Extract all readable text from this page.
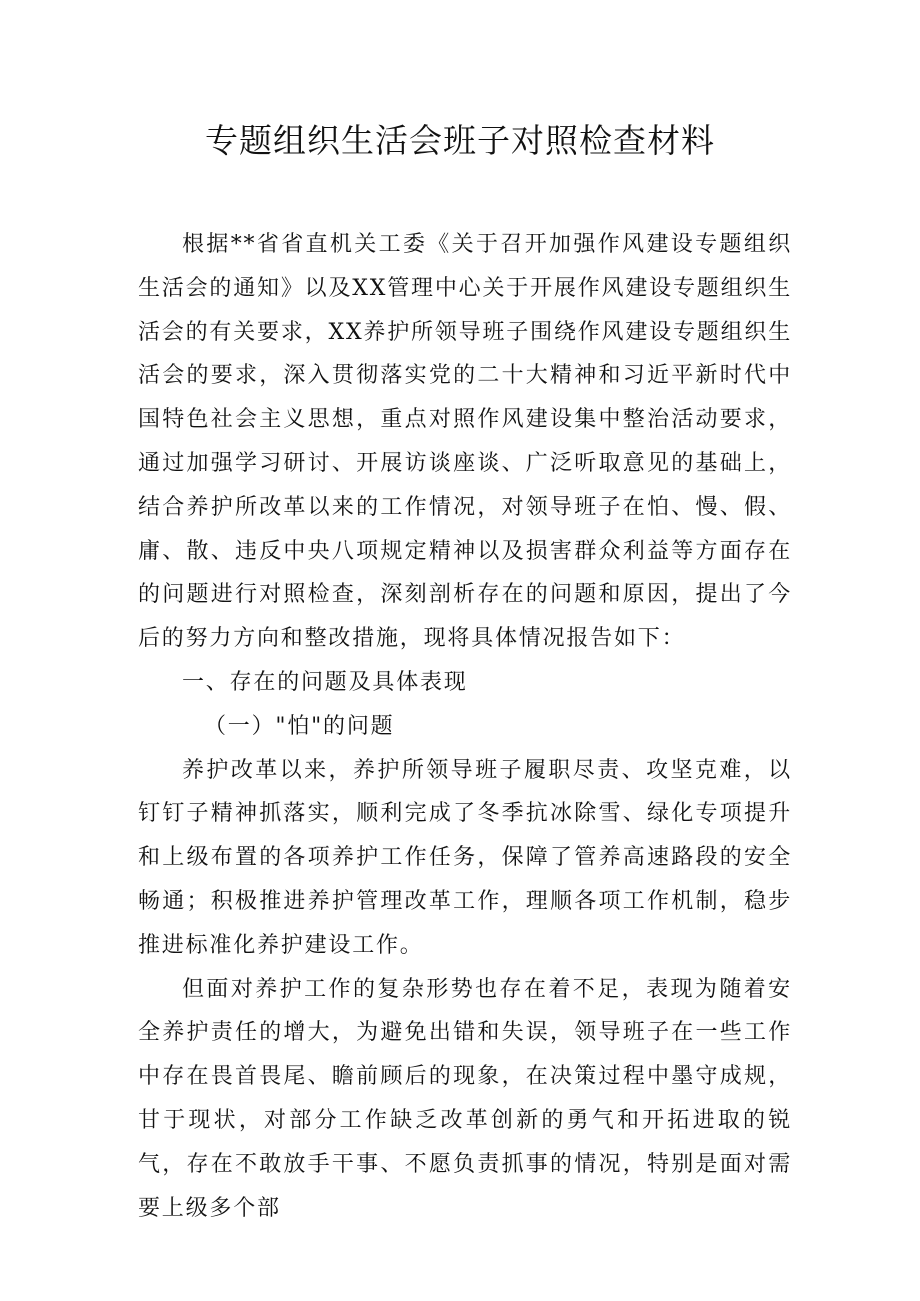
专题组织生活会班子对照检查材料

根据**省省直机关工委《关于召开加强作风建设专题组织生活会的通知》以及XX管理中心关于开展作风建设专题组织生活会的有关要求，XX养护所领导班子围绕作风建设专题组织生活会的要求，深入贯彻落实党的二十大精神和习近平新时代中国特色社会主义思想，重点对照作风建设集中整治活动要求，通过加强学习研讨、开展访谈座谈、广泛听取意见的基础上，结合养护所改革以来的工作情况，对领导班子在怕、慢、假、庸、散、违反中央八项规定精神以及损害群众利益等方面存在的问题进行对照检查，深刻剖析存在的问题和原因，提出了今后的努力方向和整改措施，现将具体情况报告如下：

一、存在的问题及具体表现

（一）"怕"的问题

养护改革以来，养护所领导班子履职尽责、攻坚克难，以钉钉子精神抓落实，顺利完成了冬季抗冰除雪、绿化专项提升和上级布置的各项养护工作任务，保障了管养高速路段的安全畅通；积极推进养护管理改革工作，理顺各项工作机制，稳步推进标准化养护建设工作。

但面对养护工作的复杂形势也存在着不足，表现为随着安全养护责任的增大，为避免出错和失误，领导班子在一些工作中存在畏首畏尾、瞻前顾后的现象，在决策过程中墨守成规，甘于现状，对部分工作缺乏改革创新的勇气和开拓进取的锐气，存在不敢放手干事、不愿负责抓事的情况，特别是面对需要上级多个部
